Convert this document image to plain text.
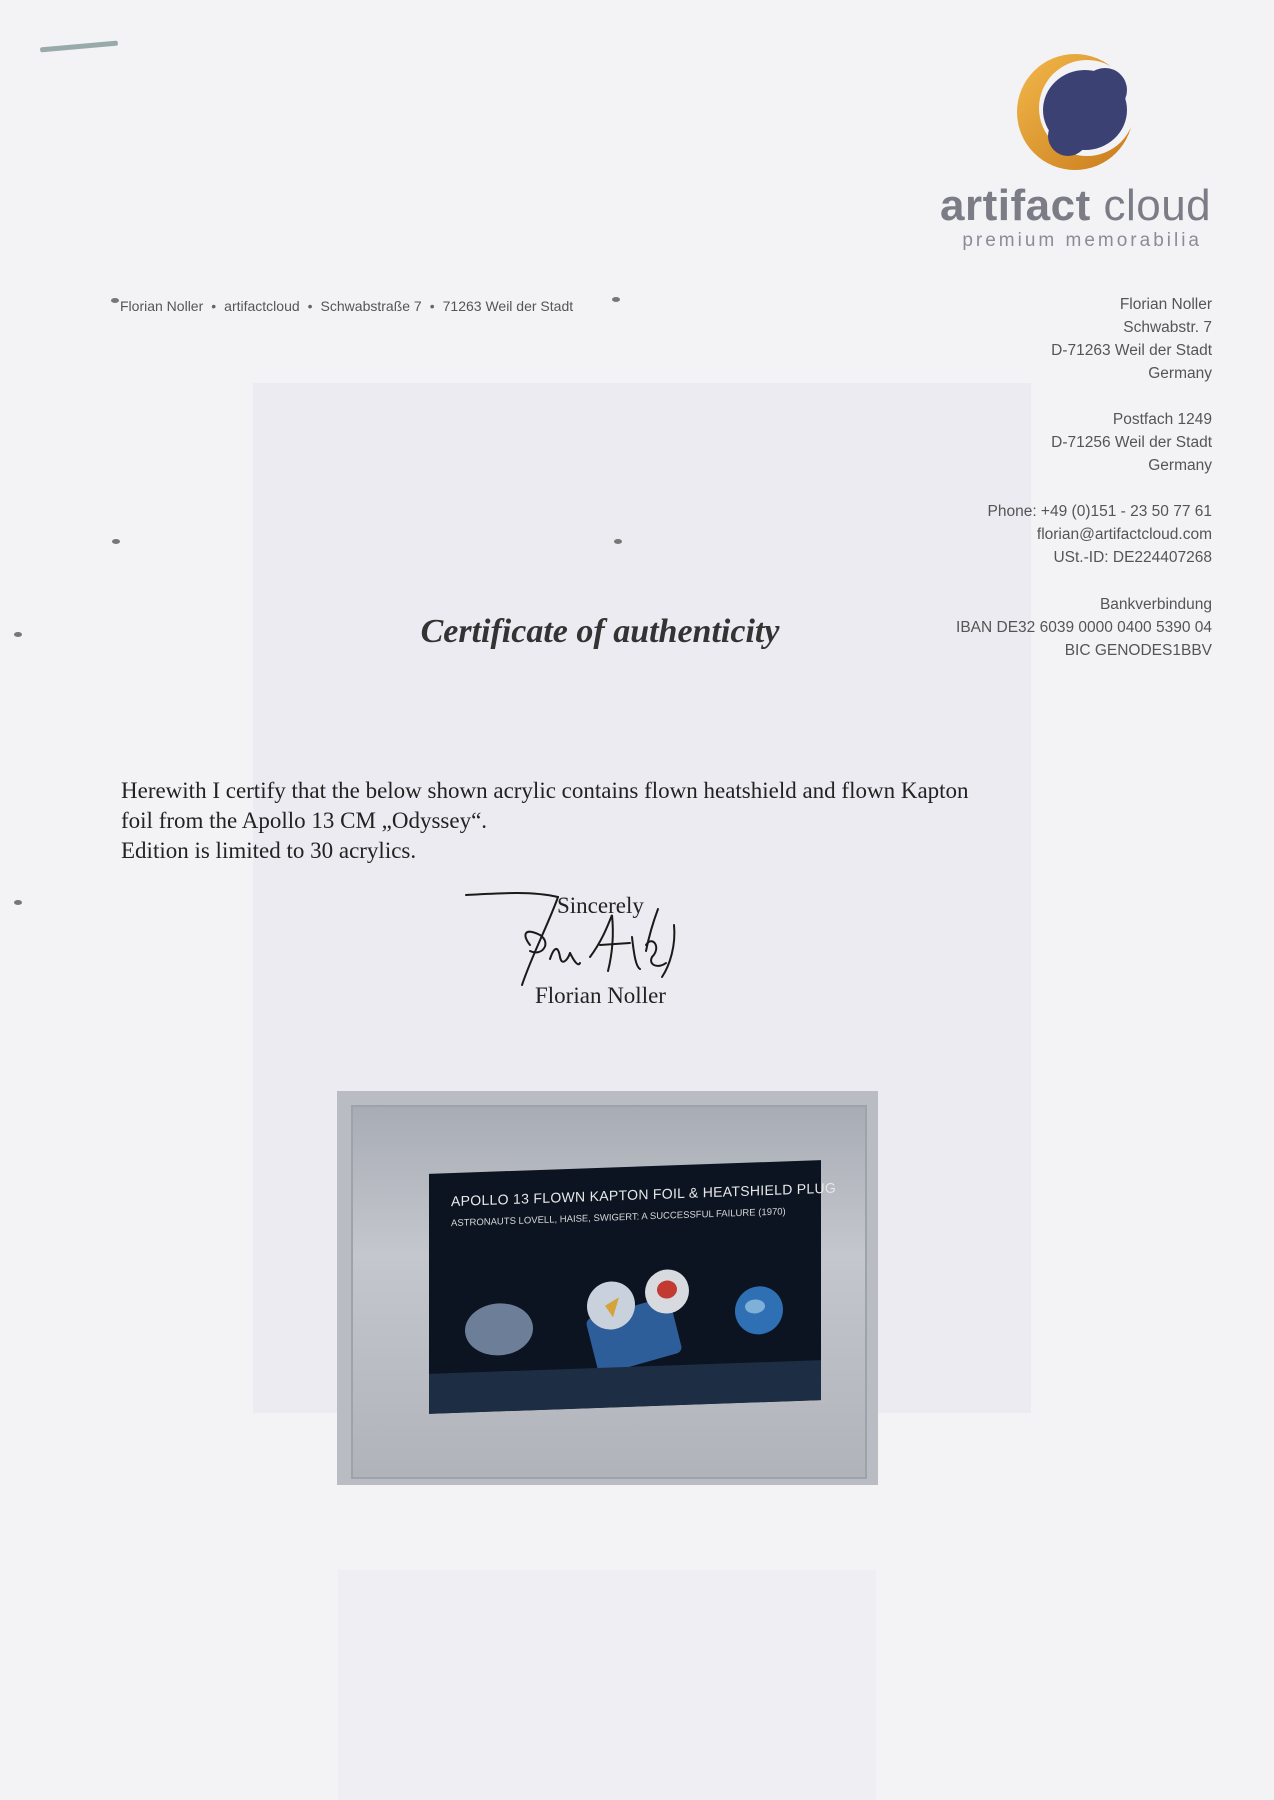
artifact cloud
premium memorabilia
Florian Noller • artifactcloud • Schwabstraße 7 • 71263 Weil der Stadt	Florian Noller
Schwabstr. 7
D-71263 Weil der Stadt
Germany
Postfach 1249
D-71256 Weil der Stadt
Germany
Phone: +49 (0)151 - 23 50 77 61
florian@artifactcloud.com
USt.-ID: DE224407268
Bankverbindung
IBAN DE32 6039 0000 0400 5390 04
BIC GENODES1BBV
Certificate of authenticity
Herewith I certify that the below shown acrylic contains flown heatshield and flown Kapton
foil from the Apollo 13 CM „Odyssey“.
Edition is limited to 30 acrylics.
Sincerely
Florian Noller
APOLLO 13 FLOWN KAPTON FOIL & HEATSHIELD PLUG
ASTRONAUTS LOVELL, HAISE, SWIGERT: A SUCCESSFUL FAILURE (1970)
